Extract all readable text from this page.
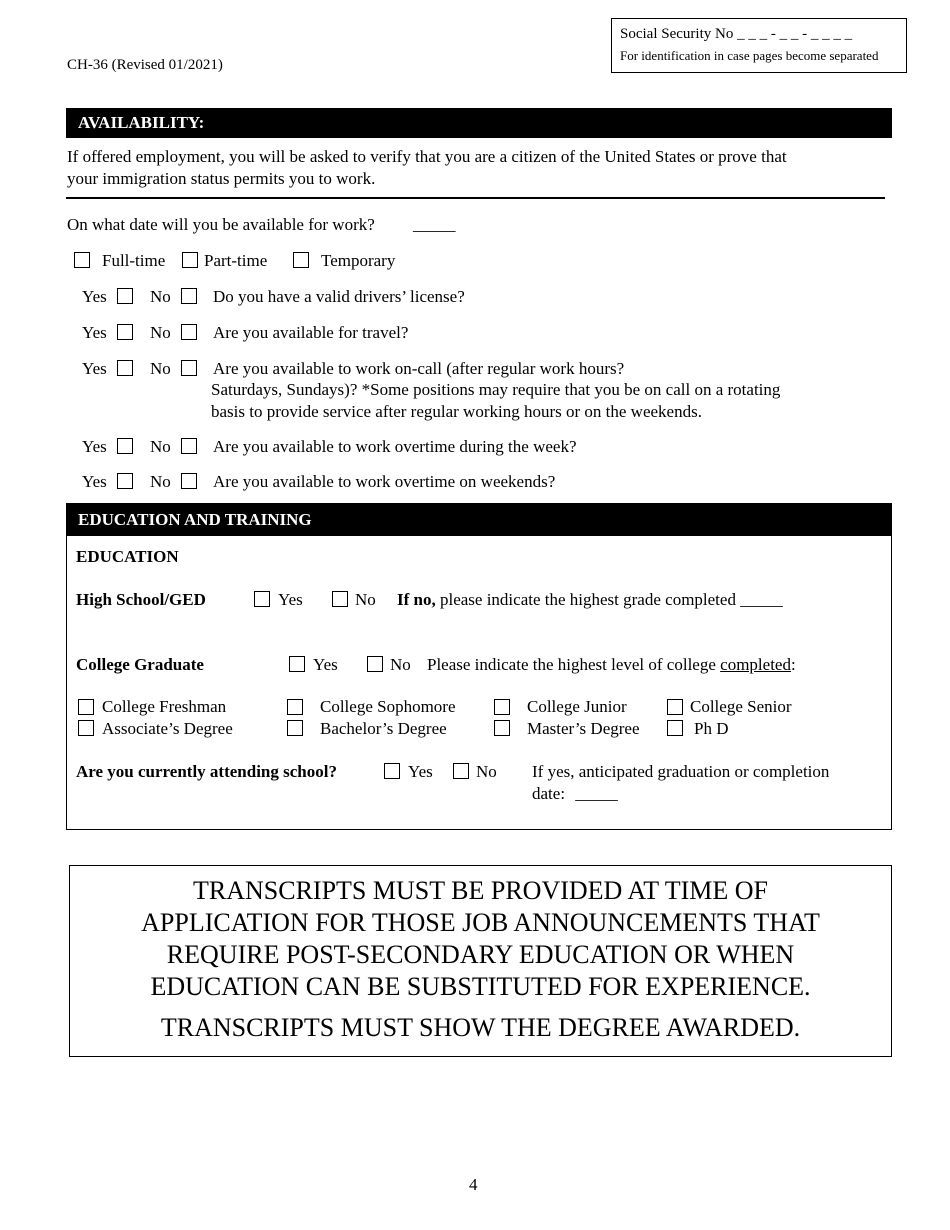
CH-36 (Revised 01/2021)
Social Security No _ _ _ - _ _ - _ _ _ _
For identification in case pages become separated
AVAILABILITY:
If offered employment, you will be asked to verify that you are a citizen of the United States or prove that
your immigration status permits you to work.
On what date will you be available for work? _____
Full-time Part-time	Temporary
Yes	No Do you have a valid drivers’ license?
Yes	No Are you available for travel?
Yes	No Are you available to work on-call (after regular work hours?
Saturdays, Sundays)? *Some positions may require that you be on call on a rotating
basis to provide service after regular working hours or on the weekends.
Yes	No Are you available to work overtime during the week?
Yes	No Are you available to work overtime on weekends?
EDUCATION AND TRAINING
EDUCATION
High School/GED	Yes	No If no, please indicate the highest grade completed _____
College Graduate	Yes	No Please indicate the highest level of college completed:
College Freshman	College Sophomore	College Junior	College Senior
Associate’s Degree	Bachelor’s Degree	Master’s Degree	Ph D
Are you currently attending school?	Yes	No If yes, anticipated graduation or completion
date: _____
TRANSCRIPTS MUST BE PROVIDED AT TIME OF
APPLICATION FOR THOSE JOB ANNOUNCEMENTS THAT
REQUIRE POST-SECONDARY EDUCATION OR WHEN
EDUCATION CAN BE SUBSTITUTED FOR EXPERIENCE.
TRANSCRIPTS MUST SHOW THE DEGREE AWARDED.
4
